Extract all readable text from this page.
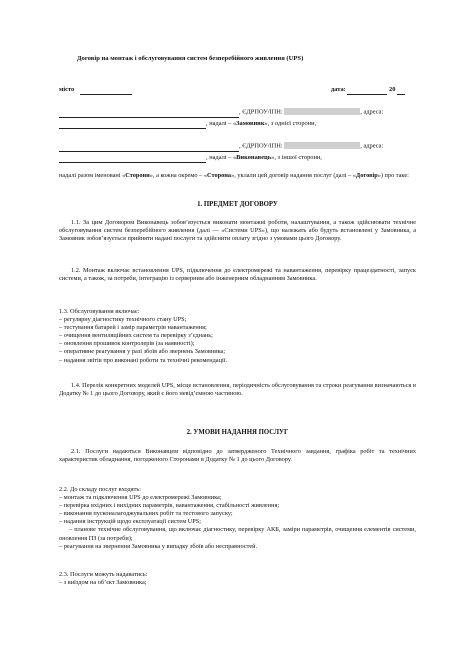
Договір на монтаж і обслуговування систем безперебійного живлення (UPS)
місто	дата:	20
, ЄДРПОУ/ІПН:	, адреса:
, надалі – «Замовник», з однієї сторони,
, ЄДРПОУ/ІПН:	, адреса:
, надалі – «Виконавець», з іншої сторони,
надалі разом іменовані «Сторони», а кожна окремо – «Сторона», уклали цей договір надання послуг (далі – «Договір») про таке:
1. ПРЕДМЕТ ДОГОВОРУ
1.1. За цим Договором Виконавець зобов’язується виконати монтажні роботи, налаштування, а також здійснювати технічне обслуговування систем безперебійного живлення (далі — «Системи UPS»), що належать або будуть встановлені у Замовника, а Замовник зобов’язується прийняти надані послуги та здійснити оплату згідно з умовами цього Договору.
1.2. Монтаж включає встановлення UPS, підключення до електромережі та навантаження, перевірку працездатності, запуск системи, а також, за потреби, інтеграцію із серверним або інженерним обладнанням Замовника.
1.3. Обслуговування включає:
– регулярну діагностику технічного стану UPS;
– тестування батарей і замір параметрів навантаження;
– очищення вентиляційних систем та перевірку з’єднань;
– оновлення прошивок контролерів (за наявності);
– оперативне реагування у разі збоїв або звернень Замовника;
– надання звітів про виконані роботи та технічні рекомендації.
1.4. Перелік конкретних моделей UPS, місце встановлення, періодичність обслуговування та строки реагування визначаються в Додатку № 1 до цього Договору, який є його невід’ємною частиною.
2. УМОВИ НАДАННЯ ПОСЛУГ
2.1. Послуги надаються Виконавцем відповідно до затвердженого Технічного завдання, графіка робіт та технічних характеристик обладнання, погодженого Сторонами в Додатку № 1 до цього Договору.
2.2. До складу послуг входять:
– монтаж та підключення UPS до електромережі Замовника;
– перевірка вхідних і вихідних параметрів, навантаження, стабільності живлення;
– виконання пусконалагоджувальних робіт та тестового запуску;
– надання інструкцій щодо експлуатації систем UPS;
– планове технічне обслуговування, що включає діагностику, перевірку АКБ, заміри параметрів, очищення елементів системи, оновлення ПЗ (за потреби);
– реагування на звернення Замовника у випадку збоїв або несправностей.
2.3. Послуги можуть надаватись:
– з виїздом на об’єкт Замовника;
